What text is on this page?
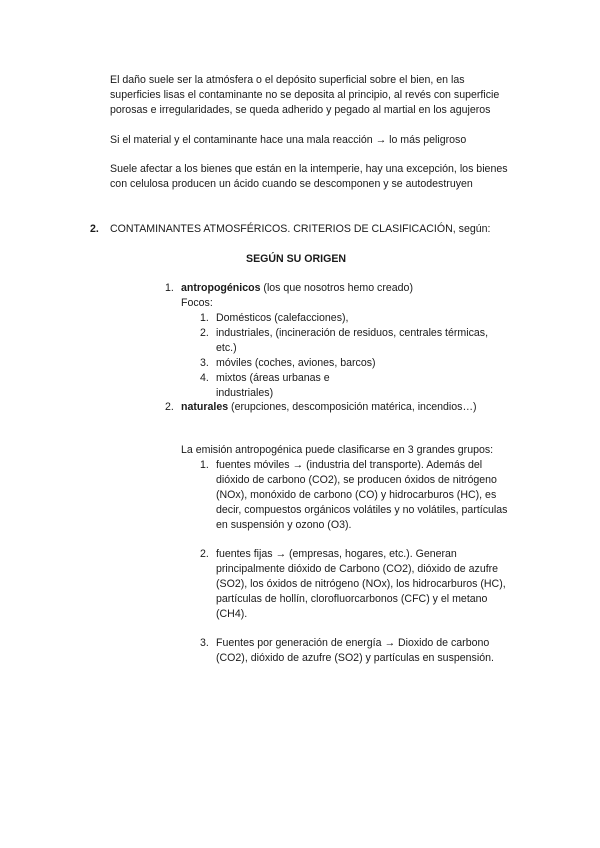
El daño suele ser la atmósfera o el depósito superficial sobre el bien, en las
superficies lisas el contaminante no se deposita al principio, al revés con superficie
porosas e irregularidades, se queda adherido y pegado al martial en los agujeros
Si el material y el contaminante hace una mala reacción → lo más peligroso
Suele afectar a los bienes que están en la intemperie, hay una excepción, los bienes
con celulosa producen un ácido cuando se descomponen y se autodestruyen
2. CONTAMINANTES ATMOSFÉRICOS. CRITERIOS DE CLASIFICACIÓN, según:
SEGÚN SU ORIGEN
1. antropogénicos (los que nosotros hemo creado)
Focos:
1. Domésticos (calefacciones),
2. industriales, (incineración de residuos, centrales térmicas,
etc.)
3. móviles (coches, aviones, barcos)
4. mixtos (áreas urbanas e
industriales)
2. naturales (erupciones, descomposición matérica, incendios…)
La emisión antropogénica puede clasificarse en 3 grandes grupos:
1. fuentes móviles → (industria del transporte). Además del
dióxido de carbono (CO2), se producen óxidos de nitrógeno
(NOx), monóxido de carbono (CO) y hidrocarburos (HC), es
decir, compuestos orgánicos volátiles y no volátiles, partículas
en suspensión y ozono (O3).
2. fuentes fijas → (empresas, hogares, etc.). Generan
principalmente dióxido de Carbono (CO2), dióxido de azufre
(SO2), los óxidos de nitrógeno (NOx), los hidrocarburos (HC),
partículas de hollín, clorofluorcarbonos (CFC) y el metano
(CH4).
3. Fuentes por generación de energía → Dioxido de carbono
(CO2), dióxido de azufre (SO2) y partículas en suspensión.
